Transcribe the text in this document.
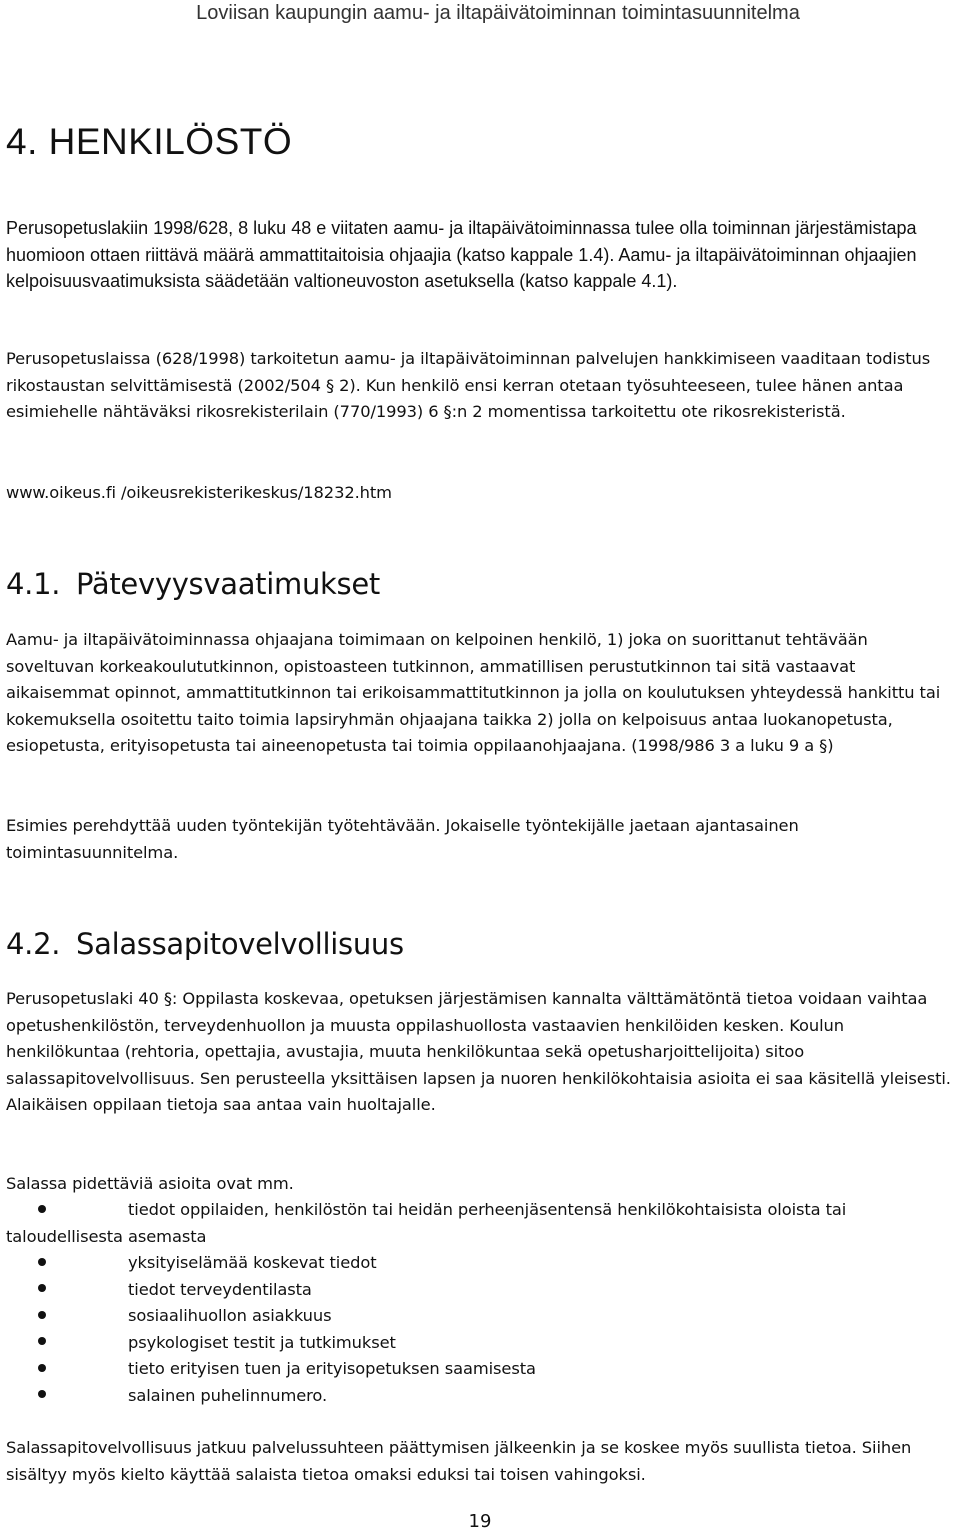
Loviisan kaupungin aamu- ja iltapäivätoiminnan toimintasuunnitelma
4. HENKILÖSTÖ

Perusopetuslakiin 1998/628, 8 luku 48 e viitaten aamu- ja iltapäivätoiminnassa tulee olla toiminnan järjestämistapa huomioon ottaen riittävä määrä ammattitaitoisia ohjaajia (katso kappale 1.4). Aamu- ja iltapäivätoiminnan ohjaajien kelpoisuusvaatimuksista säädetään valtioneuvoston asetuksella (katso kappale 4.1).

Perusopetuslaissa (628/1998) tarkoitetun aamu- ja iltapäivätoiminnan palvelujen hankkimiseen vaaditaan todistus rikostaustan selvittämisestä (2002/504 § 2). Kun henkilö ensi kerran otetaan työsuhteeseen, tulee hänen antaa esimiehelle nähtäväksi rikosrekisterilain (770/1993) 6 §:n 2 momentissa tarkoitettu ote rikosrekisteristä.

www.oikeus.fi /oikeusrekisterikeskus/18232.htm

4.1. Pätevyysvaatimukset

Aamu- ja iltapäivätoiminnassa ohjaajana toimimaan on kelpoinen henkilö, 1) joka on suorittanut tehtävään soveltuvan korkeakoulututkinnon, opistoasteen tutkinnon, ammatillisen perustutkinnon tai sitä vastaavat aikaisemmat opinnot, ammattitutkinnon tai erikoisammattitutkinnon ja jolla on koulutuksen yhteydessä hankittu tai kokemuksella osoitettu taito toimia lapsiryhmän ohjaajana taikka 2) jolla on kelpoisuus antaa luokanopetusta, esiopetusta, erityisopetusta tai aineenopetusta tai toimia oppilaanohjaajana. (1998/986 3 a luku 9 a §)

Esimies perehdyttää uuden työntekijän työtehtävään. Jokaiselle työntekijälle jaetaan ajantasainen toimintasuunnitelma.

4.2. Salassapitovelvollisuus

Perusopetuslaki 40 §: Oppilasta koskevaa, opetuksen järjestämisen kannalta välttämätöntä tietoa voidaan vaihtaa opetushenkilöstön, terveydenhuollon ja muusta oppilashuollosta vastaavien henkilöiden kesken. Koulun henkilökuntaa (rehtoria, opettajia, avustajia, muuta henkilökuntaa sekä opetusharjoittelijoita) sitoo salassapitovelvollisuus. Sen perusteella yksittäisen lapsen ja nuoren henkilökohtaisia asioita ei saa käsitellä yleisesti. Alaikäisen oppilaan tietoja saa antaa vain huoltajalle.

Salassa pidettäviä asioita ovat mm.

tiedot oppilaiden, henkilöstön tai heidän perheenjäsentensä henkilökohtaisista oloista tai taloudellisesta asemasta
yksityiselämää koskevat tiedot
tiedot terveydentilasta
sosiaalihuollon asiakkuus
psykologiset testit ja tutkimukset
tieto erityisen tuen ja erityisopetuksen saamisesta
salainen puhelinnumero.

Salassapitovelvollisuus jatkuu palvelussuhteen päättymisen jälkeenkin ja se koskee myös suullista tietoa. Siihen sisältyy myös kielto käyttää salaista tietoa omaksi eduksi tai toisen vahingoksi.

19
